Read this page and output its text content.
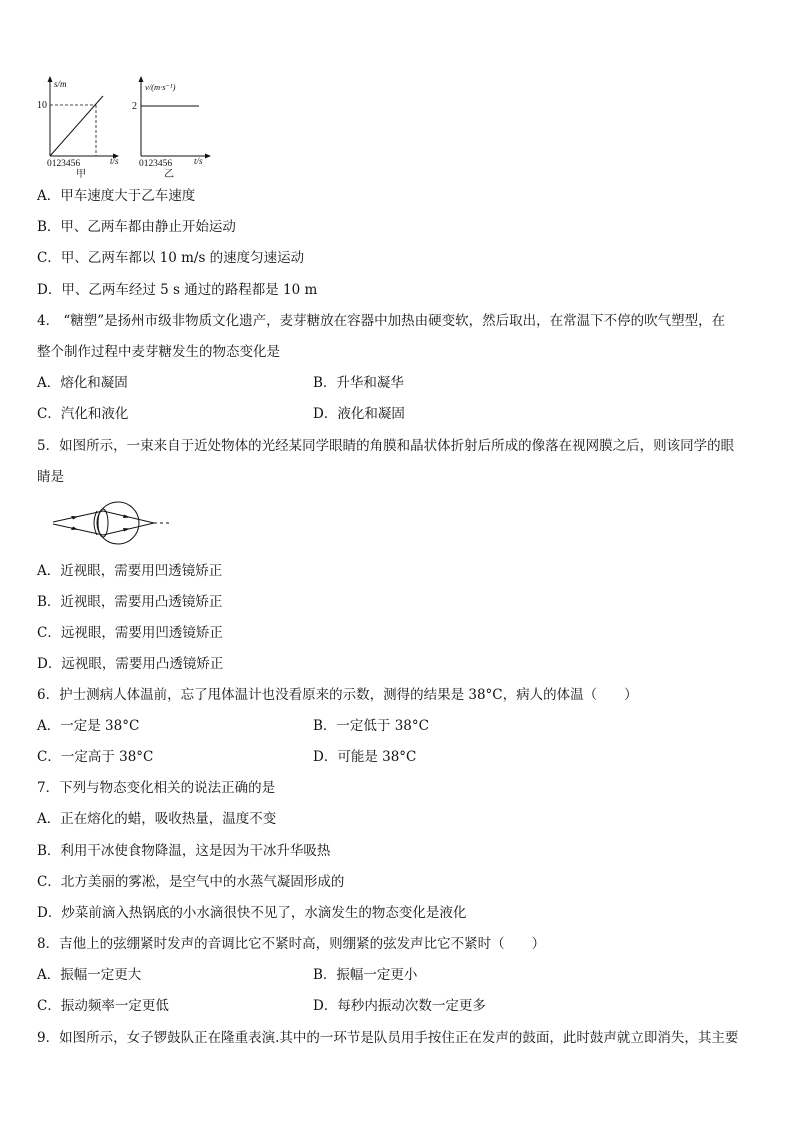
s/m
10
0 1 2 3 4 5 6	t/s
甲
v/(m·s⁻¹)
2
0 1 2 3 4 5 6	t/s
乙
A．甲车速度大于乙车速度
B．甲、乙两车都由静止开始运动
C．甲、乙两车都以 10 m/s 的速度匀速运动
D．甲、乙两车经过 5 s 通过的路程都是 10 m
4． “糖塑”是扬州市级非物质文化遗产，麦芽糖放在容器中加热由硬变软，然后取出，在常温下不停的吹气塑型，在
整个制作过程中麦芽糖发生的物态变化是
A．熔化和凝固	B．升华和凝华
C．汽化和液化	D．液化和凝固
5．如图所示，一束来自于近处物体的光经某同学眼睛的角膜和晶状体折射后所成的像落在视网膜之后，则该同学的眼
睛是
A．近视眼，需要用凹透镜矫正
B．近视眼，需要用凸透镜矫正
C．远视眼，需要用凹透镜矫正
D．远视眼，需要用凸透镜矫正
6．护士测病人体温前，忘了甩体温计也没看原来的示数，测得的结果是 38°C，病人的体温（　　）
A．一定是 38°C	B．一定低于 38°C
C．一定高于 38°C	D．可能是 38°C
7．下列与物态变化相关的说法正确的是
A．正在熔化的蜡，吸收热量，温度不变
B．利用干冰使食物降温，这是因为干冰升华吸热
C．北方美丽的雾凇，是空气中的水蒸气凝固形成的
D．炒菜前滴入热锅底的小水滴很快不见了，水滴发生的物态变化是液化
8．吉他上的弦绷紧时发声的音调比它不紧时高，则绷紧的弦发声比它不紧时（　　）
A．振幅一定更大	B．振幅一定更小
C．振动频率一定更低	D．每秒内振动次数一定更多
9．如图所示，女子锣鼓队正在隆重表演.其中的一环节是队员用手按住正在发声的鼓面，此时鼓声就立即消失，其主要
